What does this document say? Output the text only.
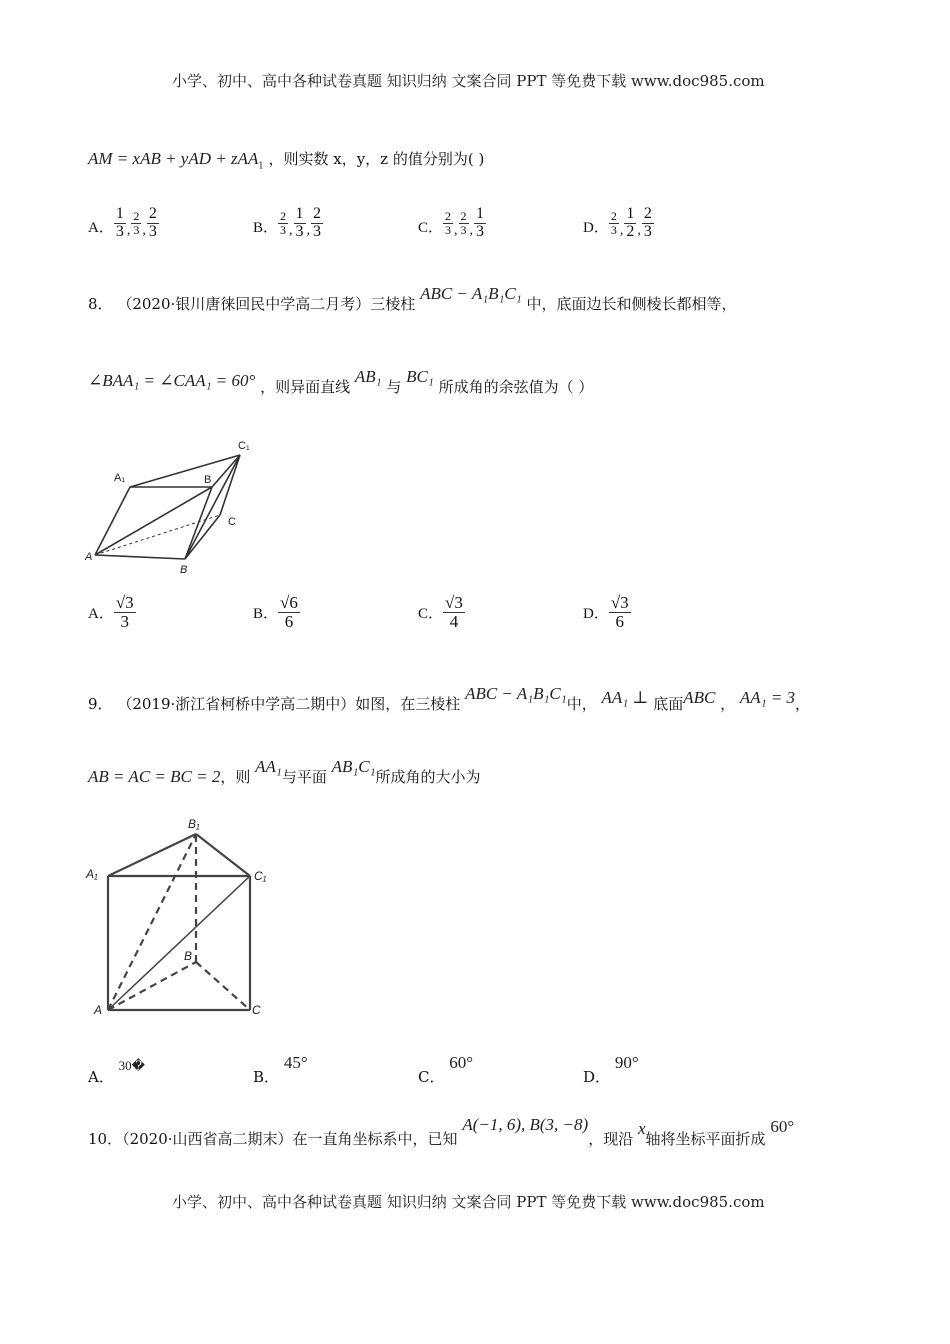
小学、初中、高中各种试卷真题 知识归纳 文案合同 PPT 等免费下载 www.doc985.com
AM = xAB + yAD + zAA$_1$ ，则实数 x，y，z 的值分别为( )
A． $\frac{1}{3}$ , $\frac{2}{3}$ , $\frac{2}{3}$	B． $\frac{2}{3}$ , $\frac{1}{3}$ , $\frac{2}{3}$	C． $\frac{2}{3}$ , $\frac{2}{3}$ , $\frac{1}{3}$	D． $\frac{2}{3}$ , $\frac{1}{2}$ , $\frac{2}{3}$
8． （2020·银川唐徕回民中学高二月考）三棱柱 ABC − A₁B₁C₁ 中，底面边长和侧棱长都相等，
∠BAA₁ = ∠CAA₁ = 60° ，则异面直线 AB₁ 与 BC₁ 所成角的余弦值为（ ）
A₁	B
C₁
C
A
B
A． $\frac{√3}{3}$	B． $\frac{√6}{6}$	C． $\frac{√3}{4}$	D． $\frac{√3}{6}$
9． （2019·浙江省柯桥中学高二期中）如图，在三棱柱 ABC − A₁B₁C₁中， AA₁ ⊥ 底面ABC ， AA₁ = 3，
AB = AC = BC = 2，则 AA₁与平面 AB₁C₁所成角的大小为
A₁
B₁
C₁
B
A	C
A． 30�
B． 45°
C． 60°
D． 90°
10．（2020·山西省高二期末）在一直角坐标系中，已知 A(−1, 6), B(3, −8)，现沿 x轴将坐标平面折成 60°
小学、初中、高中各种试卷真题 知识归纳 文案合同 PPT 等免费下载 www.doc985.com
